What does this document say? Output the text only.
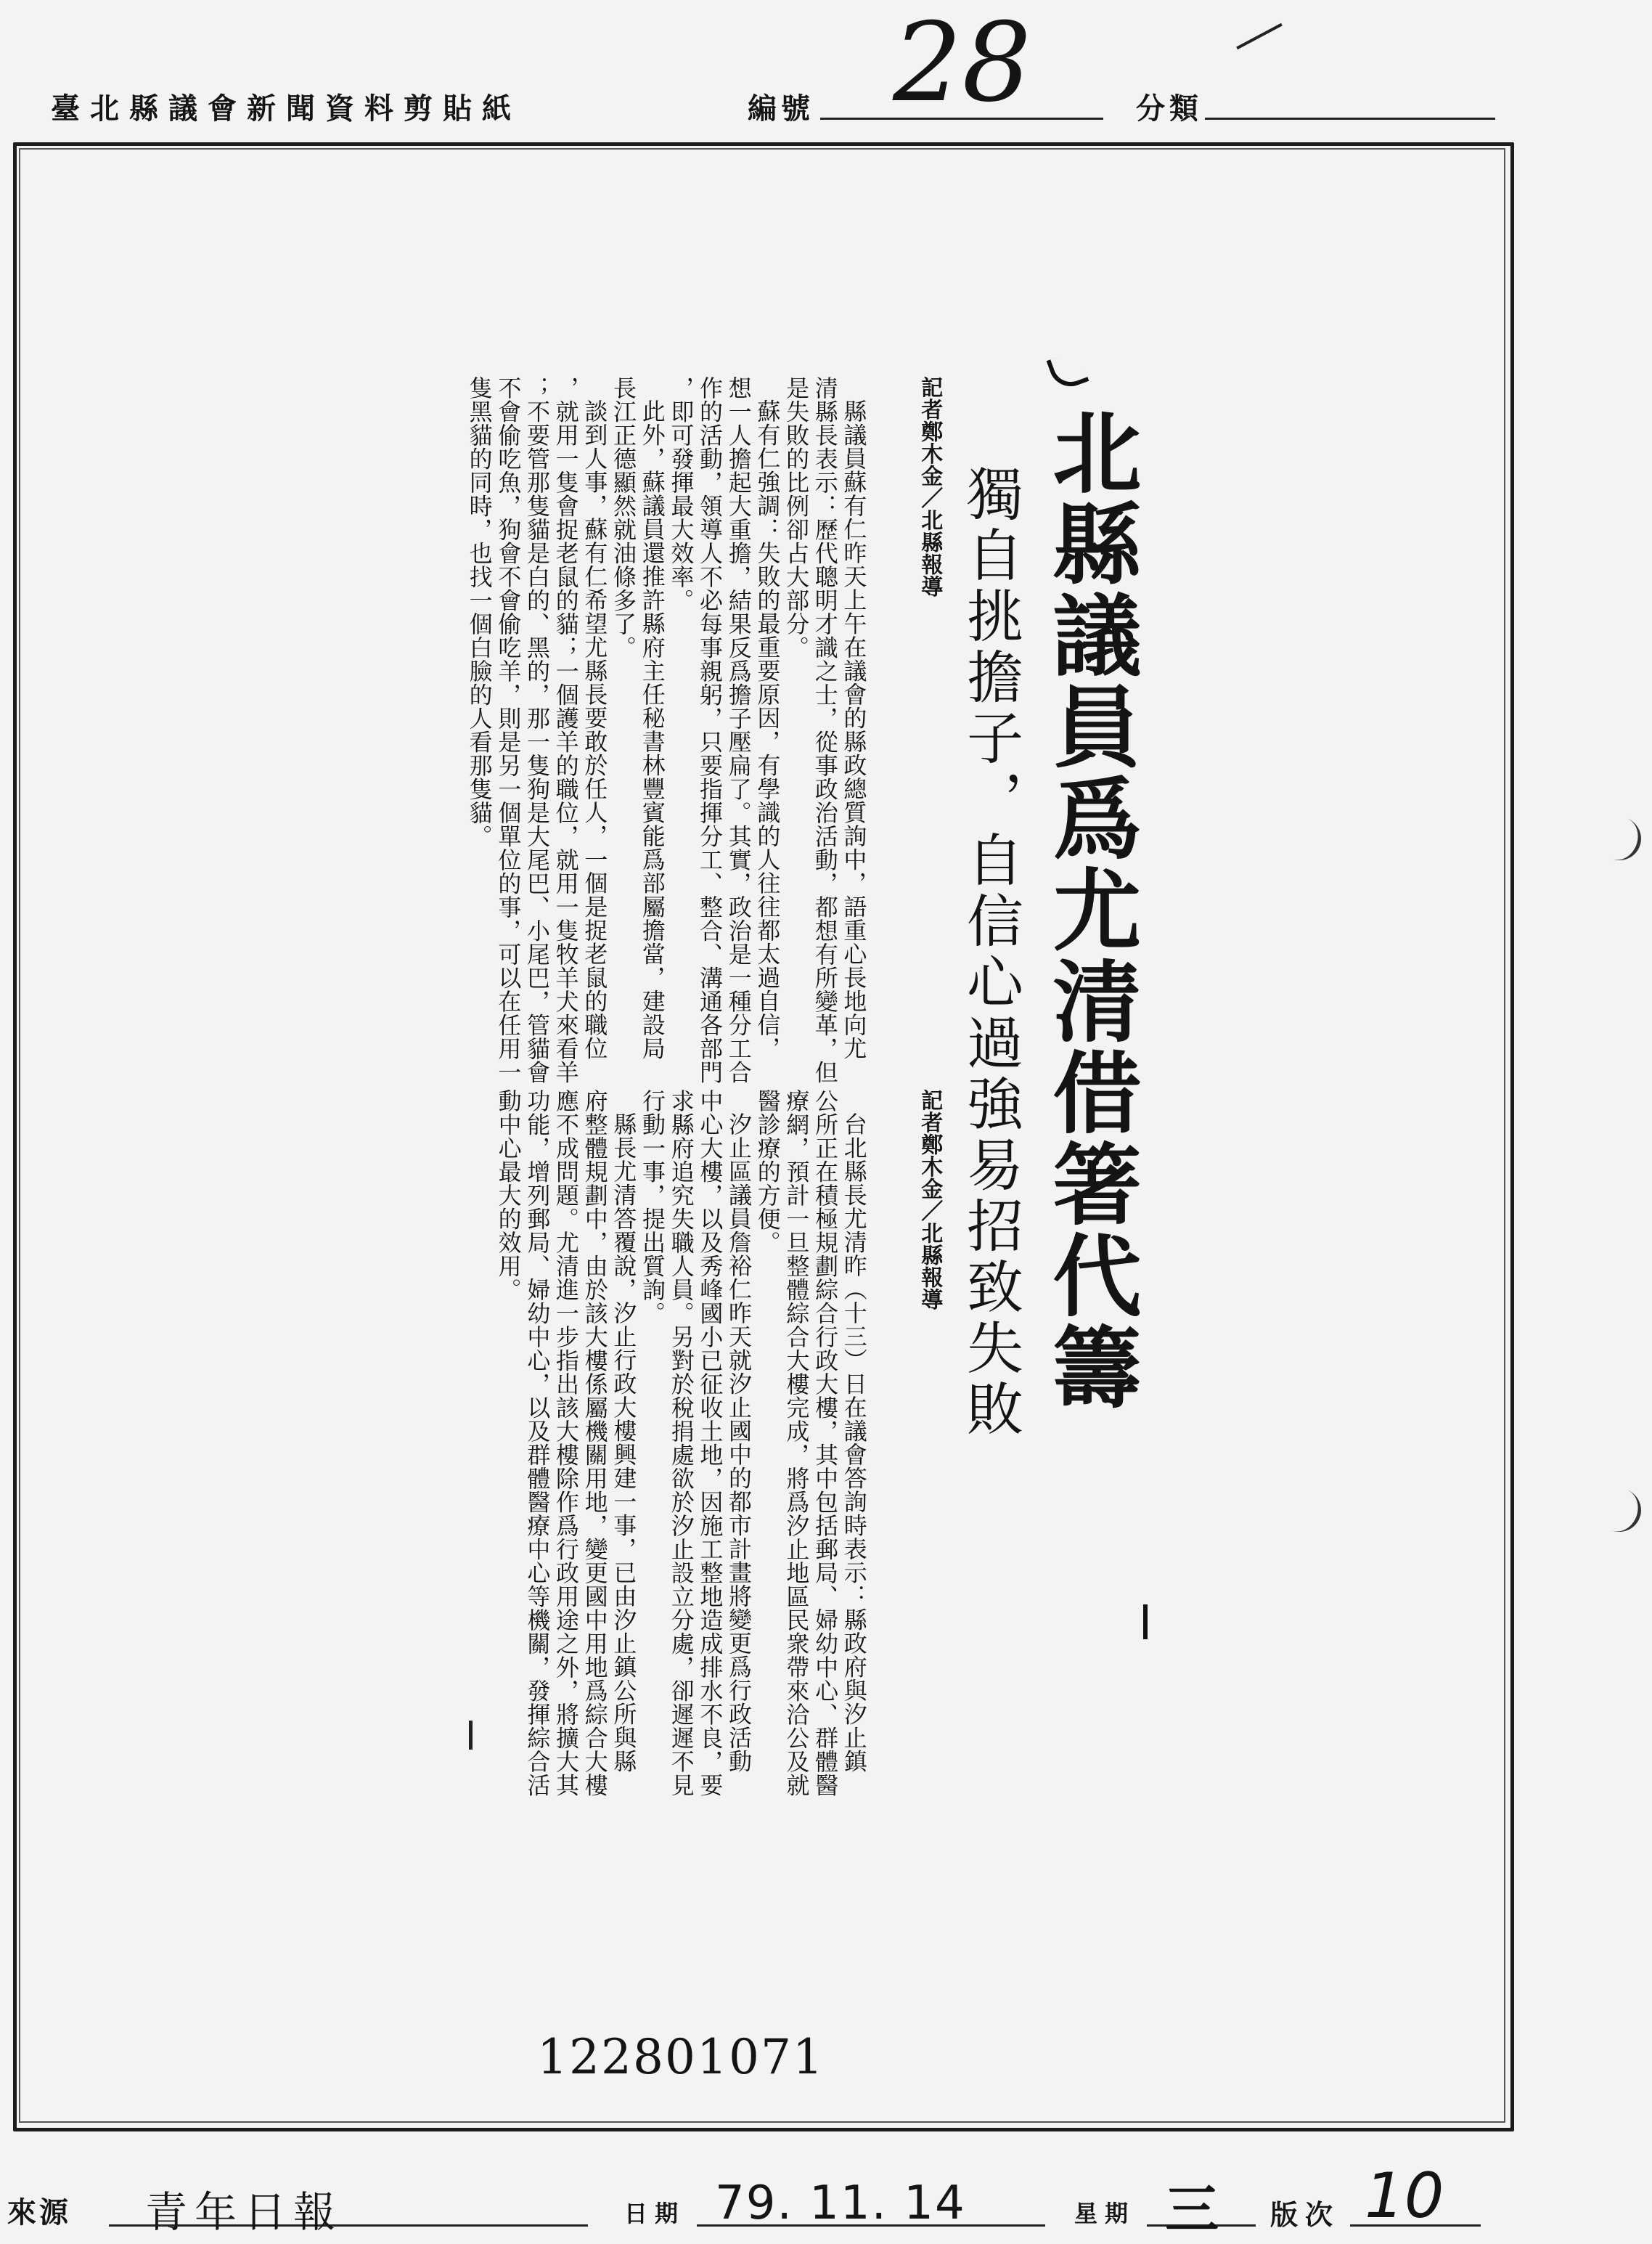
臺北縣議會新聞資料剪貼紙	編號 28	分類
北縣議員爲尤清借箸代籌
獨自挑擔子，自信心過強易招致失敗
記者鄭木金／北縣報導
縣議員蘇有仁昨天上午在議會的縣政總質詢中，語重心長地向尤
清縣長表示：歷代聰明才識之士，從事政治活動，都想有所變革，但
是失敗的比例卻占大部分。
蘇有仁強調：失敗的最重要原因，有學識的人往往都太過自信，
想一人擔起大重擔，結果反爲擔子壓扁了。其實，政治是一種分工合
作的活動，領導人不必每事親躬，只要指揮分工、整合、溝通各部門
，即可發揮最大效率。
此外，蘇議員還推許縣府主任秘書林豐賓能爲部屬擔當，建設局
長江正德顯然就油條多了。
談到人事，蘇有仁希望尤縣長要敢於任人，一個是捉老鼠的職位
，就用一隻會捉老鼠的貓；一個護羊的職位，就用一隻牧羊犬來看羊
；不要管那隻貓是白的、黑的，那一隻狗是大尾巴、小尾巴，管貓會
不會偷吃魚，狗會不會偷吃羊，則是另一個單位的事，可以在任用一
隻黑貓的同時，也找一個白臉的人看那隻貓。
記者鄭木金／北縣報導
台北縣長尤清昨（十三）日在議會答詢時表示：縣政府與汐止鎮
公所正在積極規劃綜合行政大樓，其中包括郵局、婦幼中心、群體醫
療網，預計一旦整體綜合大樓完成，將爲汐止地區民衆帶來洽公及就
醫診療的方便。
汐止區議員詹裕仁昨天就汐止國中的都市計畫將變更爲行政活動
中心大樓，以及秀峰國小已征收土地，因施工整地造成排水不良，要
求縣府追究失職人員。另對於稅捐處欲於汐止設立分處，卻遲遲不見
行動一事，提出質詢。
縣長尤清答覆說，汐止行政大樓興建一事，已由汐止鎮公所與縣
府整體規劃中，由於該大樓係屬機關用地，變更國中用地爲綜合大樓
應不成問題。尤清進一步指出該大樓除作爲行政用途之外，將擴大其
功能，增列郵局、婦幼中心，以及群體醫療中心等機關，發揮綜合活
動中心最大的效用。
122801071
來源 青年日報	日期 79. 11. 14	星期 三 版次 10
